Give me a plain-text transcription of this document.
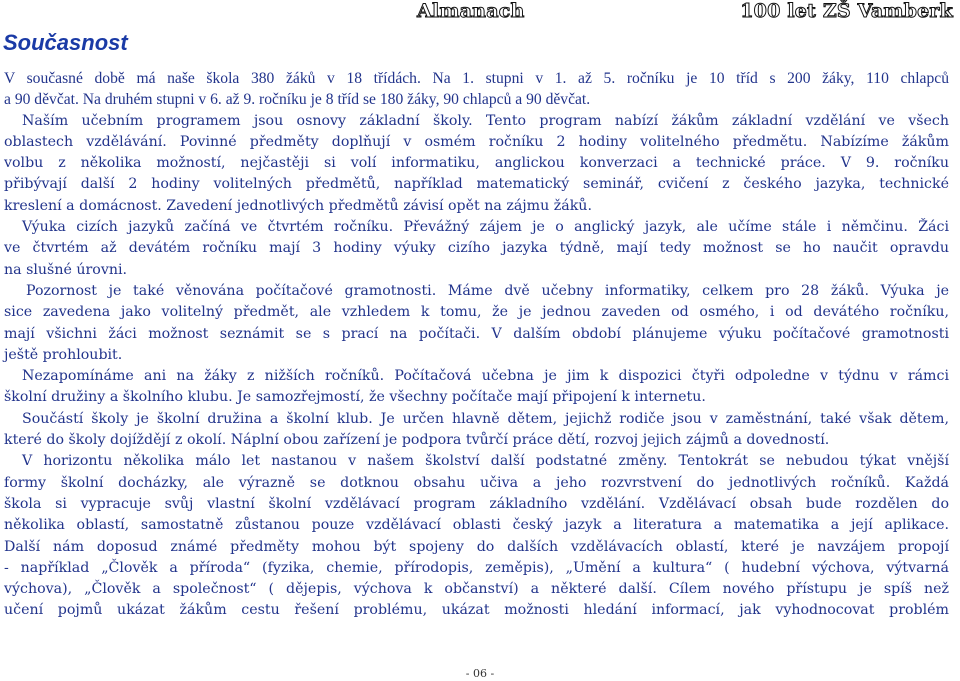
Almanach	100 let ZŠ Vamberk
Současnost
V současné době má naše škola 380 žáků v 18 třídách. Na 1. stupni v 1. až 5. ročníku je 10 tříd s 200 žáky, 110 chlapců
a 90 děvčat. Na druhém stupni v 6. až 9. ročníku je 8 tříd se 180 žáky, 90 chlapců a 90 děvčat.
Naším učebním programem jsou osnovy základní školy. Tento program nabízí žákům základní vzdělání ve všech
oblastech vzdělávání. Povinné předměty doplňují v osmém ročníku 2 hodiny volitelného předmětu. Nabízíme žákům
volbu z několika možností, nejčastěji si volí informatiku, anglickou konverzaci a technické práce. V 9. ročníku
přibývají další 2 hodiny volitelných předmětů, například matematický seminář, cvičení z českého jazyka, technické
kreslení a domácnost. Zavedení jednotlivých předmětů závisí opět na zájmu žáků.
Výuka cizích jazyků začíná ve čtvrtém ročníku. Převážný zájem je o anglický jazyk, ale učíme stále i němčinu. Žáci
ve čtvrtém až devátém ročníku mají 3 hodiny výuky cizího jazyka týdně, mají tedy možnost se ho naučit opravdu
na slušné úrovni.
Pozornost je také věnována počítačové gramotnosti. Máme dvě učebny informatiky, celkem pro 28 žáků. Výuka je
sice zavedena jako volitelný předmět, ale vzhledem k tomu, že je jednou zaveden od osmého, i od devátého ročníku,
mají všichni žáci možnost seznámit se s prací na počítači. V dalším období plánujeme výuku počítačové gramotnosti
ještě prohloubit.
Nezapomínáme ani na žáky z nižších ročníků. Počítačová učebna je jim k dispozici čtyři odpoledne v týdnu v rámci
školní družiny a školního klubu. Je samozřejmostí, že všechny počítače mají připojení k internetu.
Součástí školy je školní družina a školní klub. Je určen hlavně dětem, jejichž rodiče jsou v zaměstnání, také však dětem,
které do školy dojíždějí z okolí. Náplní obou zařízení je podpora tvůrčí práce dětí, rozvoj jejich zájmů a dovedností.
V horizontu několika málo let nastanou v našem školství další podstatné změny. Tentokrát se nebudou týkat vnější
formy školní docházky, ale výrazně se dotknou obsahu učiva a jeho rozvrstvení do jednotlivých ročníků. Každá
škola si vypracuje svůj vlastní školní vzdělávací program základního vzdělání. Vzdělávací obsah bude rozdělen do
několika oblastí, samostatně zůstanou pouze vzdělávací oblasti český jazyk a literatura a matematika a její aplikace.
Další nám doposud známé předměty mohou být spojeny do dalších vzdělávacích oblastí, které je navzájem propojí
- například „Člověk a příroda“ (fyzika, chemie, přírodopis, zeměpis), „Umění a kultura“ ( hudební výchova, výtvarná
výchova), „Člověk a společnost“ ( dějepis, výchova k občanství) a některé další. Cílem nového přístupu je spíš než
učení pojmů ukázat žákům cestu řešení problému, ukázat možnosti hledání informací, jak vyhodnocovat problém
- 06 -
